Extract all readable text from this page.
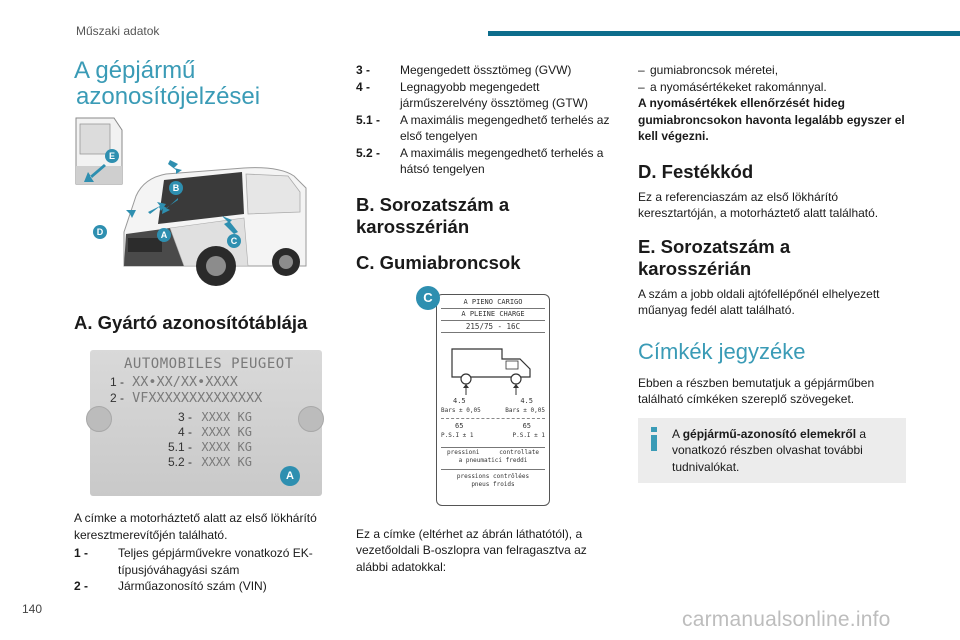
Műszaki adatok
A gépjármű
azonosítójelzései
E
B
D	A
C
A. Gyártó azonosítótáblája
AUTOMOBILES PEUGEOT
1 - XX•XX/XX•XXXX
2 - VFXXXXXXXXXXXXXX
3 - XXXX KG
4 - XXXX KG
5.1 - XXXX KG
5.2 - XXXX KG
A

A címke a motorháztető alatt az első lökhárító keresztmerevítőjén található.

1 -	Teljes gépjárművekre vonatkozó EK-típusjóváhagyási szám
2 -	Járműazonosító szám (VIN)
3 -	Megengedett össztömeg (GVW)
4 -	Legnagyobb megengedett járműszerelvény össztömeg (GTW)
5.1 -	A maximális megengedhető terhelés az első tengelyen
5.2 -	A maximális megengedhető terhelés a hátsó tengelyen
B. Sorozatszám a karosszérián
C. Gumiabroncsok
C	A PIENO CARIGO
A PLEINE CHARGE
215/75 - 16C
4.5	4.5
Bars ± 0,05	Bars ± 0,05
65	65
P.S.I ± 1	P.S.I ± 1
pressioni	controllate
a pneumatici freddi
pressions contrôlées
pneus froids

Ez a címke (eltérhet az ábrán láthatótól), a vezetőoldali B-oszlopra van felragasztva az alábbi adatokkal:

– gumiabroncsok méretei,
– a nyomásértékeket rakománnyal.

A nyomásértékek ellenőrzését hideg gumiabroncsokon havonta legalább egyszer el kell végezni.

D. Festékkód

Ez a referenciaszám az első lökhárító keresztartóján, a motorháztető alatt található.

E. Sorozatszám a karosszérián

A szám a jobb oldali ajtófellépőnél elhelyezett műanyag fedél alatt található.

Címkék jegyzéke

Ebben a részben bemutatjuk a gépjárműben található címkéken szereplő szövegeket.

A gépjármű-azonosító elemekről a vonatkozó részben olvashat további tudnivalókat.
140	carmanualsonline.info
